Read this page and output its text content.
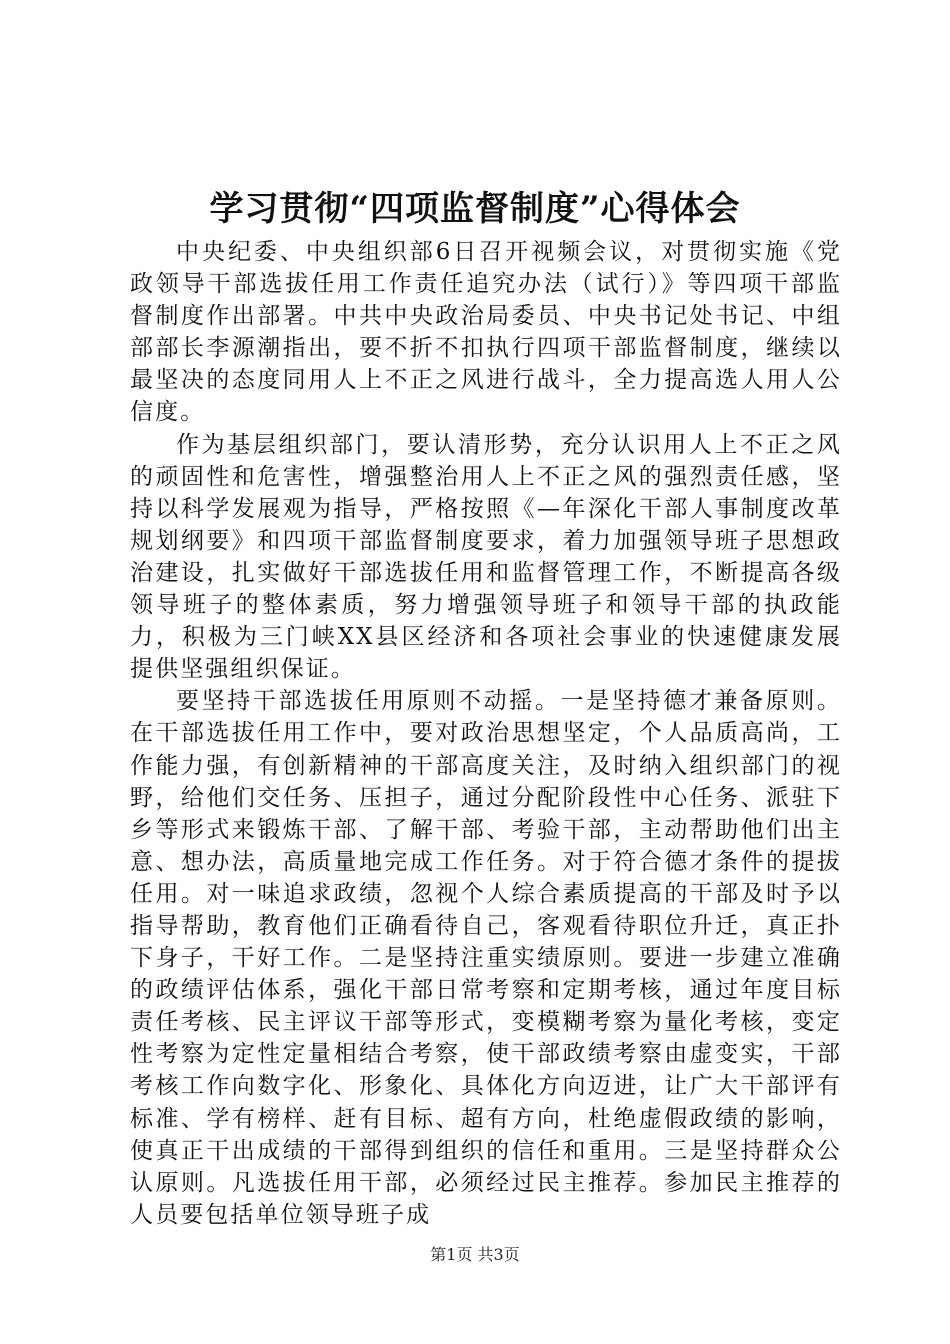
学习贯彻“四项监督制度”心得体会

中央纪委、中央组织部6日召开视频会议，对贯彻实施《党政领导干部选拔任用工作责任追究办法（试行）》等四项干部监督制度作出部署。中共中央政治局委员、中央书记处书记、中组部部长李源潮指出，要不折不扣执行四项干部监督制度，继续以最坚决的态度同用人上不正之风进行战斗，全力提高选人用人公信度。

作为基层组织部门，要认清形势，充分认识用人上不正之风的顽固性和危害性，增强整治用人上不正之风的强烈责任感，坚持以科学发展观为指导，严格按照《—年深化干部人事制度改革规划纲要》和四项干部监督制度要求，着力加强领导班子思想政治建设，扎实做好干部选拔任用和监督管理工作，不断提高各级领导班子的整体素质，努力增强领导班子和领导干部的执政能力，积极为三门峡XX县区经济和各项社会事业的快速健康发展提供坚强组织保证。

要坚持干部选拔任用原则不动摇。一是坚持德才兼备原则。在干部选拔任用工作中，要对政治思想坚定，个人品质高尚，工作能力强，有创新精神的干部高度关注，及时纳入组织部门的视野，给他们交任务、压担子，通过分配阶段性中心任务、派驻下乡等形式来锻炼干部、了解干部、考验干部，主动帮助他们出主意、想办法，高质量地完成工作任务。对于符合德才条件的提拔任用。对一味追求政绩，忽视个人综合素质提高的干部及时予以指导帮助，教育他们正确看待自己，客观看待职位升迁，真正扑下身子，干好工作。二是坚持注重实绩原则。要进一步建立准确的政绩评估体系，强化干部日常考察和定期考核，通过年度目标责任考核、民主评议干部等形式，变模糊考察为量化考核，变定性考察为定性定量相结合考察，使干部政绩考察由虚变实，干部考核工作向数字化、形象化、具体化方向迈进，让广大干部评有标准、学有榜样、赶有目标、超有方向，杜绝虚假政绩的影响，使真正干出成绩的干部得到组织的信任和重用。三是坚持群众公认原则。凡选拔任用干部，必须经过民主推荐。参加民主推荐的人员要包括单位领导班子成

第1页 共3页
